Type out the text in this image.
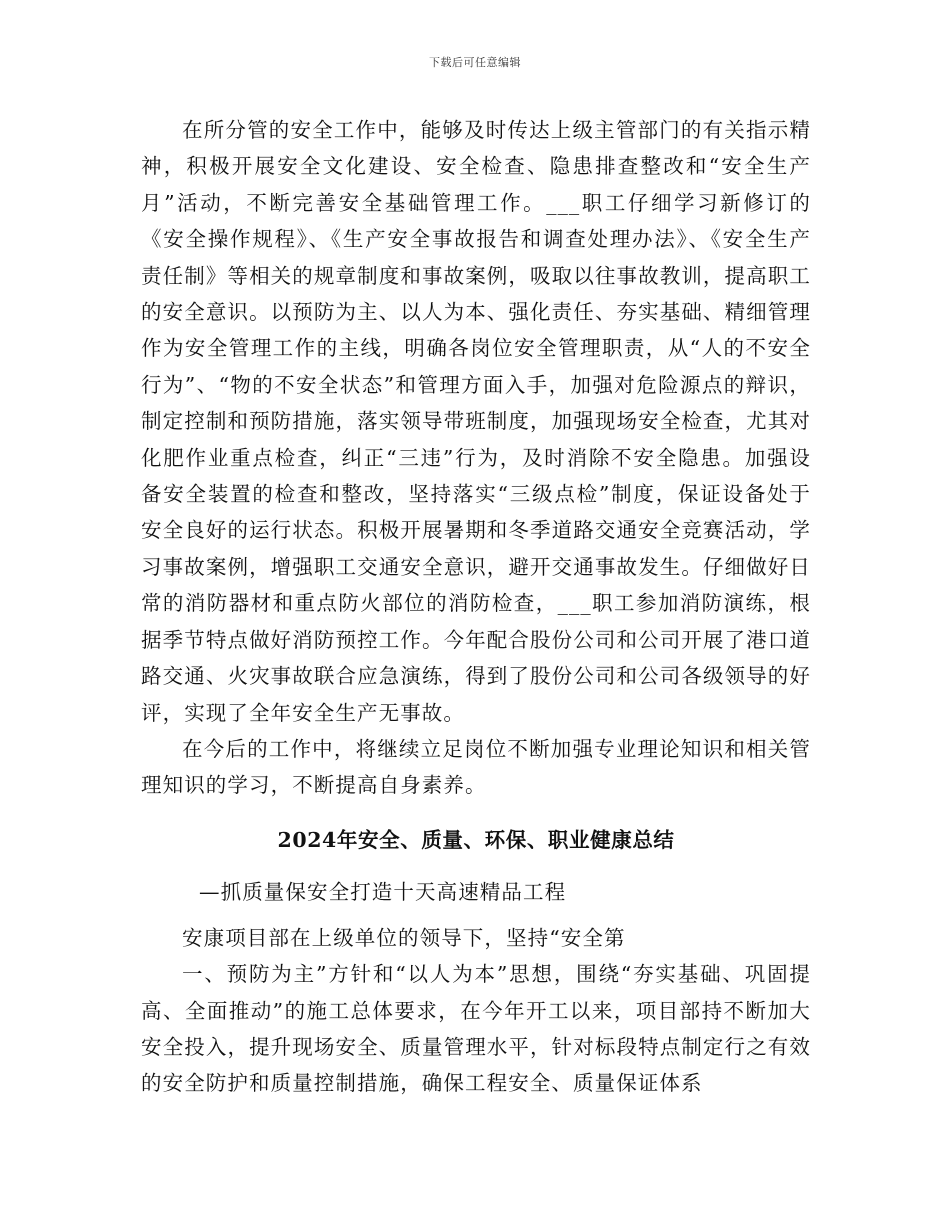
下载后可任意编辑

在所分管的安全工作中，能够及时传达上级主管部门的有关指示精神，积极开展安全文化建设、安全检查、隐患排查整改和“安全生产月”活动，不断完善安全基础管理工作。___职工仔细学习新修订的《安全操作规程》、《生产安全事故报告和调查处理办法》、《安全生产责任制》等相关的规章制度和事故案例，吸取以往事故教训，提高职工的安全意识。以预防为主、以人为本、强化责任、夯实基础、精细管理作为安全管理工作的主线，明确各岗位安全管理职责，从“人的不安全行为”、“物的不安全状态”和管理方面入手，加强对危险源点的辩识，制定控制和预防措施，落实领导带班制度，加强现场安全检查，尤其对化肥作业重点检查，纠正“三违”行为，及时消除不安全隐患。加强设备安全装置的检查和整改，坚持落实“三级点检”制度，保证设备处于安全良好的运行状态。积极开展暑期和冬季道路交通安全竞赛活动，学习事故案例，增强职工交通安全意识，避开交通事故发生。仔细做好日常的消防器材和重点防火部位的消防检查，___职工参加消防演练，根据季节特点做好消防预控工作。今年配合股份公司和公司开展了港口道路交通、火灾事故联合应急演练，得到了股份公司和公司各级领导的好评，实现了全年安全生产无事故。

在今后的工作中，将继续立足岗位不断加强专业理论知识和相关管理知识的学习，不断提高自身素养。

2024年安全、质量、环保、职业健康总结

—抓质量保安全打造十天高速精品工程

安康项目部在上级单位的领导下，坚持“安全第

一、预防为主”方针和“以人为本”思想，围绕“夯实基础、巩固提高、全面推动”的施工总体要求，在今年开工以来，项目部持不断加大安全投入，提升现场安全、质量管理水平，针对标段特点制定行之有效的安全防护和质量控制措施，确保工程安全、质量保证体系
